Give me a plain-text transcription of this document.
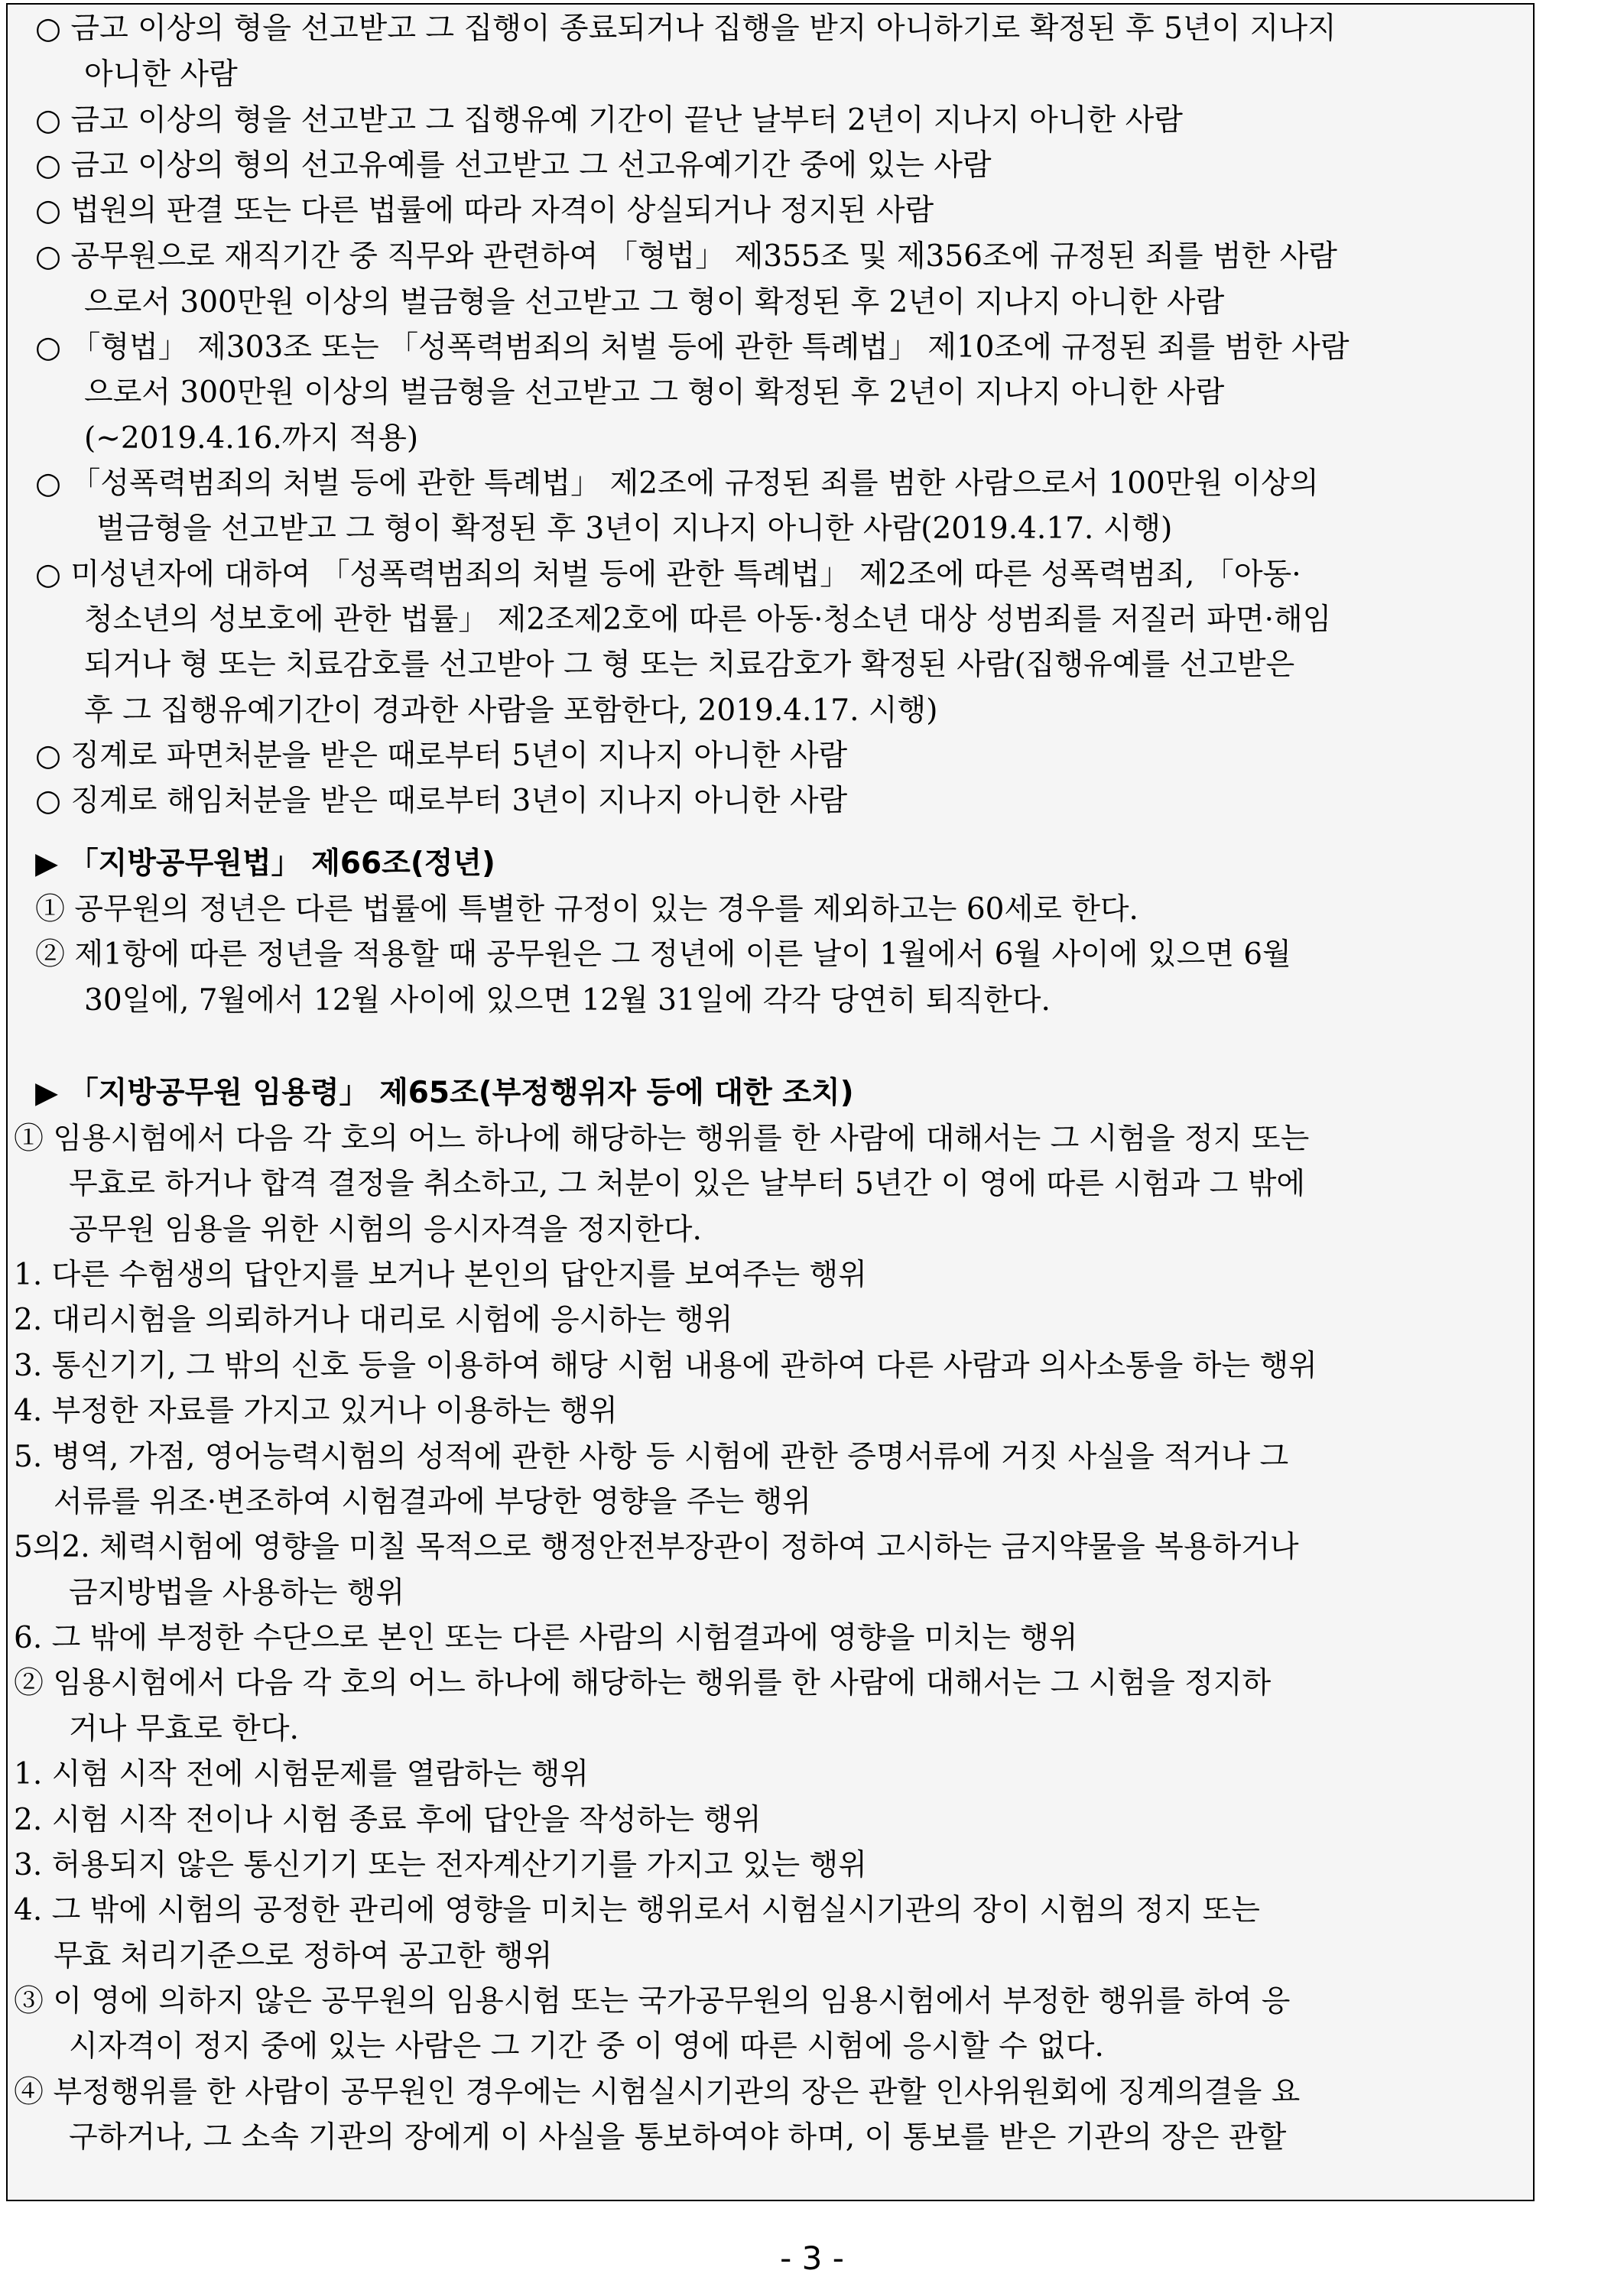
○ 금고 이상의 형을 선고받고 그 집행이 종료되거나 집행을 받지 아니하기로 확정된 후 5년이 지나지
아니한 사람
○ 금고 이상의 형을 선고받고 그 집행유예 기간이 끝난 날부터 2년이 지나지 아니한 사람
○ 금고 이상의 형의 선고유예를 선고받고 그 선고유예기간 중에 있는 사람
○ 법원의 판결 또는 다른 법률에 따라 자격이 상실되거나 정지된 사람
○ 공무원으로 재직기간 중 직무와 관련하여 「형법」 제355조 및 제356조에 규정된 죄를 범한 사람
으로서 300만원 이상의 벌금형을 선고받고 그 형이 확정된 후 2년이 지나지 아니한 사람
○ 「형법」 제303조 또는 「성폭력범죄의 처벌 등에 관한 특례법」 제10조에 규정된 죄를 범한 사람
으로서 300만원 이상의 벌금형을 선고받고 그 형이 확정된 후 2년이 지나지 아니한 사람
(~2019.4.16.까지 적용)
○ 「성폭력범죄의 처벌 등에 관한 특례법」 제2조에 규정된 죄를 범한 사람으로서 100만원 이상의
벌금형을 선고받고 그 형이 확정된 후 3년이 지나지 아니한 사람(2019.4.17. 시행)
○ 미성년자에 대하여 「성폭력범죄의 처벌 등에 관한 특례법」 제2조에 따른 성폭력범죄, 「아동·
청소년의 성보호에 관한 법률」 제2조제2호에 따른 아동·청소년 대상 성범죄를 저질러 파면·해임
되거나 형 또는 치료감호를 선고받아 그 형 또는 치료감호가 확정된 사람(집행유예를 선고받은
후 그 집행유예기간이 경과한 사람을 포함한다, 2019.4.17. 시행)
○ 징계로 파면처분을 받은 때로부터 5년이 지나지 아니한 사람
○ 징계로 해임처분을 받은 때로부터 3년이 지나지 아니한 사람
▶ 「지방공무원법」 제66조(정년)
① 공무원의 정년은 다른 법률에 특별한 규정이 있는 경우를 제외하고는 60세로 한다.
② 제1항에 따른 정년을 적용할 때 공무원은 그 정년에 이른 날이 1월에서 6월 사이에 있으면 6월
30일에, 7월에서 12월 사이에 있으면 12월 31일에 각각 당연히 퇴직한다.
▶ 「지방공무원 임용령」 제65조(부정행위자 등에 대한 조치)
① 임용시험에서 다음 각 호의 어느 하나에 해당하는 행위를 한 사람에 대해서는 그 시험을 정지 또는
무효로 하거나 합격 결정을 취소하고, 그 처분이 있은 날부터 5년간 이 영에 따른 시험과 그 밖에
공무원 임용을 위한 시험의 응시자격을 정지한다.
1. 다른 수험생의 답안지를 보거나 본인의 답안지를 보여주는 행위
2. 대리시험을 의뢰하거나 대리로 시험에 응시하는 행위
3. 통신기기, 그 밖의 신호 등을 이용하여 해당 시험 내용에 관하여 다른 사람과 의사소통을 하는 행위
4. 부정한 자료를 가지고 있거나 이용하는 행위
5. 병역, 가점, 영어능력시험의 성적에 관한 사항 등 시험에 관한 증명서류에 거짓 사실을 적거나 그
서류를 위조·변조하여 시험결과에 부당한 영향을 주는 행위
5의2. 체력시험에 영향을 미칠 목적으로 행정안전부장관이 정하여 고시하는 금지약물을 복용하거나
금지방법을 사용하는 행위
6. 그 밖에 부정한 수단으로 본인 또는 다른 사람의 시험결과에 영향을 미치는 행위
② 임용시험에서 다음 각 호의 어느 하나에 해당하는 행위를 한 사람에 대해서는 그 시험을 정지하
거나 무효로 한다.
1. 시험 시작 전에 시험문제를 열람하는 행위
2. 시험 시작 전이나 시험 종료 후에 답안을 작성하는 행위
3. 허용되지 않은 통신기기 또는 전자계산기기를 가지고 있는 행위
4. 그 밖에 시험의 공정한 관리에 영향을 미치는 행위로서 시험실시기관의 장이 시험의 정지 또는
무효 처리기준으로 정하여 공고한 행위
③ 이 영에 의하지 않은 공무원의 임용시험 또는 국가공무원의 임용시험에서 부정한 행위를 하여 응
시자격이 정지 중에 있는 사람은 그 기간 중 이 영에 따른 시험에 응시할 수 없다.
④ 부정행위를 한 사람이 공무원인 경우에는 시험실시기관의 장은 관할 인사위원회에 징계의결을 요
구하거나, 그 소속 기관의 장에게 이 사실을 통보하여야 하며, 이 통보를 받은 기관의 장은 관할
- 3 -
